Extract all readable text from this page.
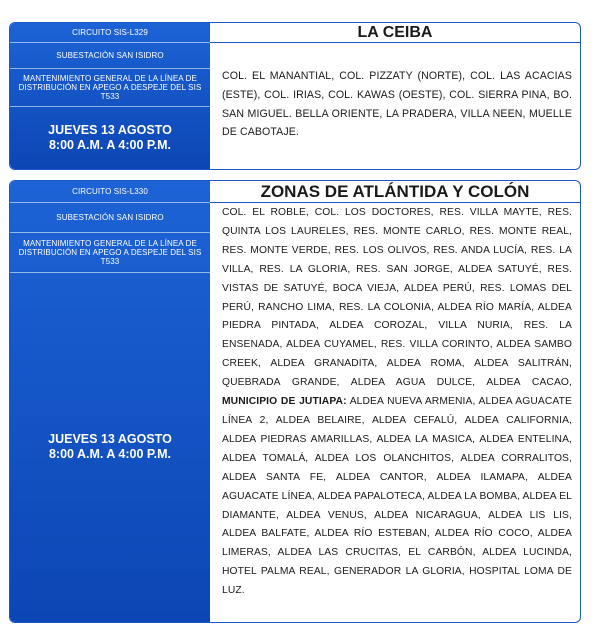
CIRCUITO SIS-L329
SUBESTACIÓN SAN ISIDRO
MANTENIMIENTO GENERAL DE LA LÍNEA DE DISTRIBUCIÓN EN APEGO A DESPEJE DEL SIS T533
JUEVES 13 AGOSTO
8:00 A.M. A 4:00 P.M.
LA CEIBA

COL. EL MANANTIAL, COL. PIZZATY (NORTE), COL. LAS ACACIAS (ESTE), COL. IRIAS, COL. KAWAS (OESTE), COL. SIERRA PINA, BO. SAN MIGUEL. BELLA ORIENTE, LA PRADERA, VILLA NEEN, MUELLE DE CABOTAJE.

CIRCUITO SIS-L330
SUBESTACIÓN SAN ISIDRO
MANTENIMIENTO GENERAL DE LA LÍNEA DE DISTRIBUCIÓN EN APEGO A DESPEJE DEL SIS T533
JUEVES 13 AGOSTO
8:00 A.M. A 4:00 P.M.
ZONAS DE ATLÁNTIDA Y COLÓN

COL. EL ROBLE, COL. LOS DOCTORES, RES. VILLA MAYTE, RES. QUINTA LOS LAURELES, RES. MONTE CARLO, RES. MONTE REAL, RES. MONTE VERDE, RES. LOS OLIVOS, RES. ANDA LUCÍA, RES. LA VILLA, RES. LA GLORIA, RES. SAN JORGE, ALDEA SATUYÉ, RES. VISTAS DE SATUYÉ, BOCA VIEJA, ALDEA PERÚ, RES. LOMAS DEL PERÚ, RANCHO LIMA, RES. LA COLONIA, ALDEA RÍO MARÍA, ALDEA PIEDRA PINTADA, ALDEA COROZAL, VILLA NURIA, RES. LA ENSENADA, ALDEA CUYAMEL, RES. VILLA CORINTO, ALDEA SAMBO CREEK, ALDEA GRANADITA, ALDEA ROMA, ALDEA SALITRÁN, QUEBRADA GRANDE, ALDEA AGUA DULCE, ALDEA CACAO, MUNICIPIO DE JUTIAPA: ALDEA NUEVA ARMENIA, ALDEA AGUACATE LÍNEA 2, ALDEA BELAIRE, ALDEA CEFALÚ, ALDEA CALIFORNIA, ALDEA PIEDRAS AMARILLAS, ALDEA LA MASICA, ALDEA ENTELINA, ALDEA TOMALÁ, ALDEA LOS OLANCHITOS, ALDEA CORRALITOS, ALDEA SANTA FE, ALDEA CANTOR, ALDEA ILAMAPA, ALDEA AGUACATE LÍNEA, ALDEA PAPALOTECA, ALDEA LA BOMBA, ALDEA EL DIAMANTE, ALDEA VENUS, ALDEA NICARAGUA, ALDEA LIS LIS, ALDEA BALFATE, ALDEA RÍO ESTEBAN, ALDEA RÍO COCO, ALDEA LIMERAS, ALDEA LAS CRUCITAS, EL CARBÓN, ALDEA LUCINDA, HOTEL PALMA REAL, GENERADOR LA GLORIA, HOSPITAL LOMA DE LUZ.
